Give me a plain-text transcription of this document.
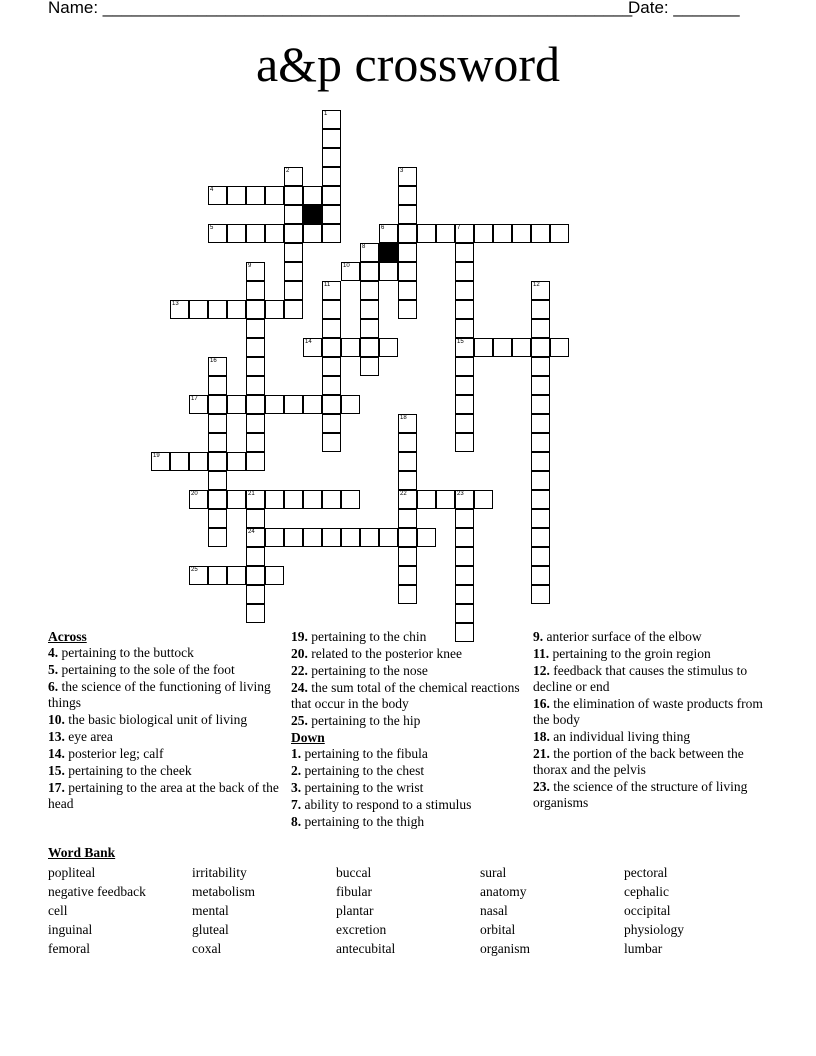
Name: ________________________________________________________
Date: _______
a&p crossword
1
2	3
4
5	6	7
8
9	10
11	12
13
14	15
16
17
18
19
20	21	22	23
24
25
Across
4. pertaining to the buttock
5. pertaining to the sole of the foot
6. the science of the functioning of living things
10. the basic biological unit of living
13. eye area
14. posterior leg; calf
15. pertaining to the cheek
17. pertaining to the area at the back of the head
19. pertaining to the chin
20. related to the posterior knee
22. pertaining to the nose
24. the sum total of the chemical reactions that occur in the body
25. pertaining to the hip
Down
1. pertaining to the fibula
2. pertaining to the chest
3. pertaining to the wrist
7. ability to respond to a stimulus
8. pertaining to the thigh
9. anterior surface of the elbow
11. pertaining to the groin region
12. feedback that causes the stimulus to decline or end
16. the elimination of waste products from the body
18. an individual living thing
21. the portion of the back between the thorax and the pelvis
23. the science of the structure of living organisms
Word Bank
popliteal
negative feedback
cell
inguinal
femoral
irritability
metabolism
mental
gluteal
coxal
buccal
fibular
plantar
excretion
antecubital
sural
anatomy
nasal
orbital
organism
pectoral
cephalic
occipital
physiology
lumbar
